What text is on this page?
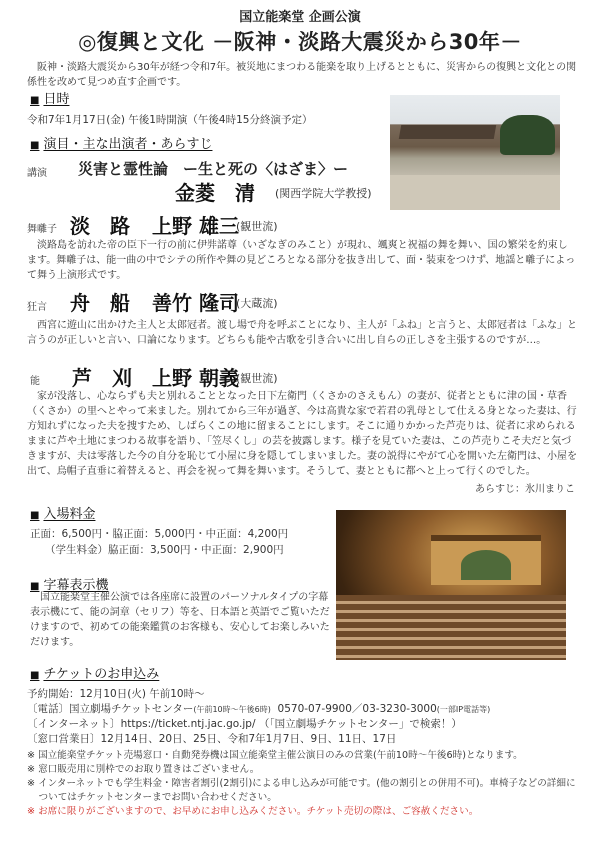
国立能楽堂 企画公演
◎復興と文化 －阪神・淡路大震災から30年－
阪神・淡路大震災から30年が経つ令和7年。被災地にまつわる能楽を取り上げるとともに、災害からの復興と文化との関係性を改めて見つめ直す企画です。
■ 日時
令和7年1月17日(金) 午後1時開演（午後4時15分終演予定）
■ 演目・主な出演者・あらすじ
講演 災害と霊性論　ー生と死の〈はざま〉ー
金菱　清 (関西学院大学教授)
舞囃子 淡　路 上野 雄三
(観世流)
淡路島を訪れた帝の臣下一行の前に伊弉諾尊（いざなぎのみこと）が現れ、颯爽と祝福の舞を舞い、国の繁栄を約束します。舞囃子は、能一曲の中でシテの所作や舞の見どころとなる部分を抜き出して、面・装束をつけず、地謡と囃子によって舞う上演形式です。
狂言 舟　船 善竹 隆司
(大蔵流)
西宮に遊山に出かけた主人と太郎冠者。渡し場で舟を呼ぶことになり、主人が「ふね」と言うと、太郎冠者は「ふな」と言うのが正しいと言い、口論になります。どちらも能や古歌を引き合いに出し自らの正しさを主張するのですが…。
能 芦　刈 上野 朝義
(観世流)
家が没落し、心ならずも夫と別れることとなった日下左衛門（くさかのさえもん）の妻が、従者とともに津の国・草香（くさか）の里へとやって来ました。別れてから三年が過ぎ、今は高貴な家で若君の乳母として仕える身となった妻は、行方知れずになった夫を捜すため、しばらくこの地に留まることにします。そこに通りかかった芦売りは、従者に求められるままに芦や土地にまつわる故事を語り、「笠尽くし」の芸を披露します。様子を見ていた妻は、この芦売りこそ夫だと気づきますが、夫は零落した今の自分を恥じて小屋に身を隠してしまいました。妻の説得にやがて心を開いた左衛門は、小屋を出て、烏帽子直垂に着替えると、再会を祝って舞を舞います。そうして、妻とともに都へと上って行くのでした。
あらすじ：氷川まりこ
■ 入場料金
正面：6,500円・脇正面：5,000円・中正面：4,200円
（学生料金）脇正面：3,500円・中正面：2,900円
■ 字幕表示機
国立能楽堂主催公演では各座席に設置のパーソナルタイプの字幕表示機にて、能の詞章（セリフ）等を、日本語と英語でご覧いただけますので、初めての能楽鑑賞のお客様も、安心してお楽しみいただけます。
■ チケットのお申込み
予約開始：12月10日(火) 午前10時～
〔電話〕国立劇場チケットセンター(午前10時～午後6時) 0570-07-9900／03-3230-3000(一部IP電話等)
〔インターネット〕https://ticket.ntj.jac.go.jp/ （「国立劇場チケットセンター」で検索！）
〔窓口営業日〕12月14日、20日、25日、令和7年1月7日、9日、11日、17日
※ 国立能楽堂チケット売場窓口・自動発券機は国立能楽堂主催公演日のみの営業(午前10時～午後6時)となります。
※ 窓口販売用に別枠でのお取り置きはございません。
※ インターネットでも学生料金・障害者割引(2割引)による申し込みが可能です。(他の割引との併用不可)。車椅子などの詳細についてはチケットセンターまでお問い合わせください。
※ お席に限りがございますので、お早めにお申し込みください。チケット売切の際は、ご容赦ください。
